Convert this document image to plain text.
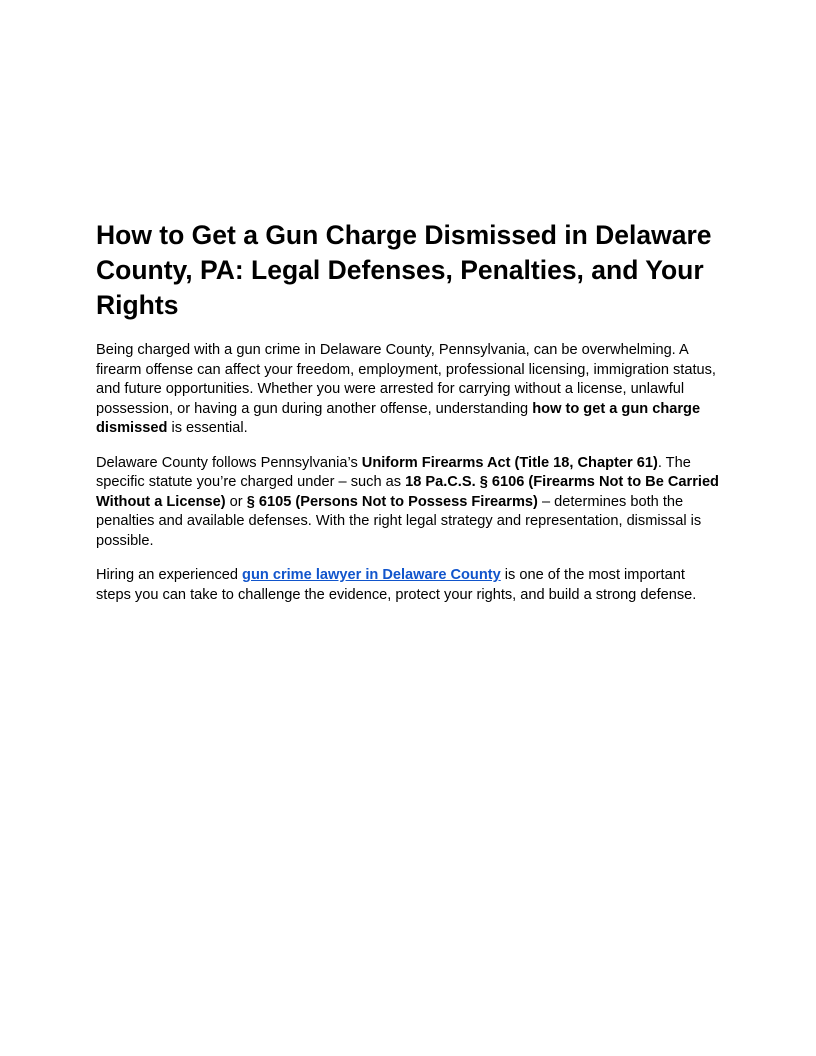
How to Get a Gun Charge Dismissed in Delaware County, PA: Legal Defenses, Penalties, and Your Rights

Being charged with a gun crime in Delaware County, Pennsylvania, can be overwhelming. A firearm offense can affect your freedom, employment, professional licensing, immigration status, and future opportunities. Whether you were arrested for carrying without a license, unlawful possession, or having a gun during another offense, understanding how to get a gun charge dismissed is essential.

Delaware County follows Pennsylvania’s Uniform Firearms Act (Title 18, Chapter 61). The specific statute you’re charged under – such as 18 Pa.C.S. § 6106 (Firearms Not to Be Carried Without a License) or § 6105 (Persons Not to Possess Firearms) – determines both the penalties and available defenses. With the right legal strategy and representation, dismissal is possible.

Hiring an experienced gun crime lawyer in Delaware County is one of the most important steps you can take to challenge the evidence, protect your rights, and build a strong defense.
